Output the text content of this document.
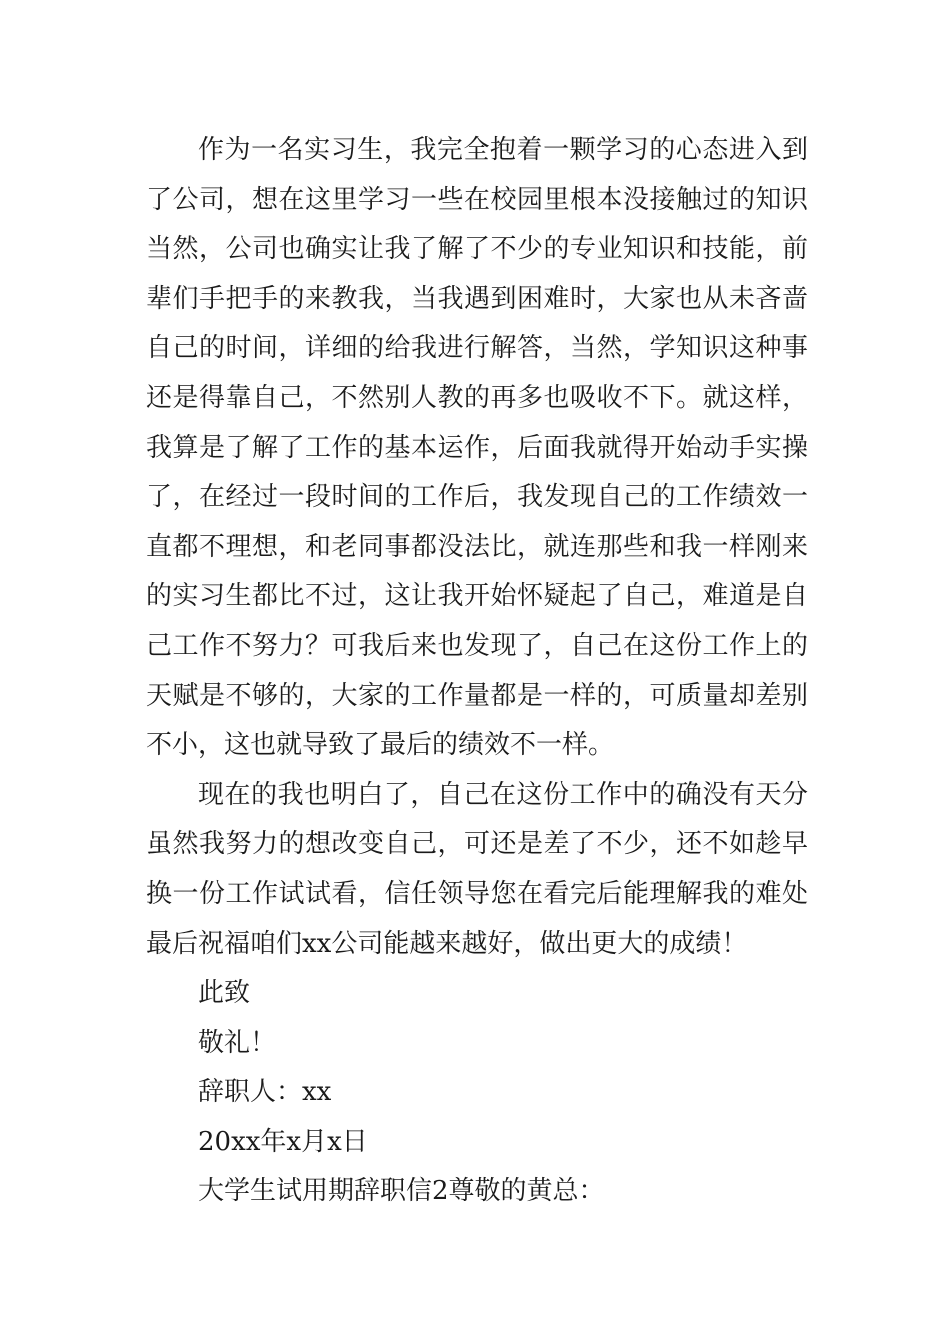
作为一名实习生，我完全抱着一颗学习的心态进入到
了公司，想在这里学习一些在校园里根本没接触过的知识
当然，公司也确实让我了解了不少的专业知识和技能，前
辈们手把手的来教我，当我遇到困难时，大家也从未吝啬
自己的时间，详细的给我进行解答，当然，学知识这种事
还是得靠自己，不然别人教的再多也吸收不下。就这样，
我算是了解了工作的基本运作，后面我就得开始动手实操
了，在经过一段时间的工作后，我发现自己的工作绩效一
直都不理想，和老同事都没法比，就连那些和我一样刚来
的实习生都比不过，这让我开始怀疑起了自己，难道是自
己工作不努力？可我后来也发现了，自己在这份工作上的
天赋是不够的，大家的工作量都是一样的，可质量却差别
不小，这也就导致了最后的绩效不一样。
现在的我也明白了，自己在这份工作中的确没有天分
虽然我努力的想改变自己，可还是差了不少，还不如趁早
换一份工作试试看，信任领导您在看完后能理解我的难处
最后祝福咱们xx公司能越来越好，做出更大的成绩！
此致
敬礼！
辞职人：xx
20xx年x月x日
大学生试用期辞职信2尊敬的黄总：
